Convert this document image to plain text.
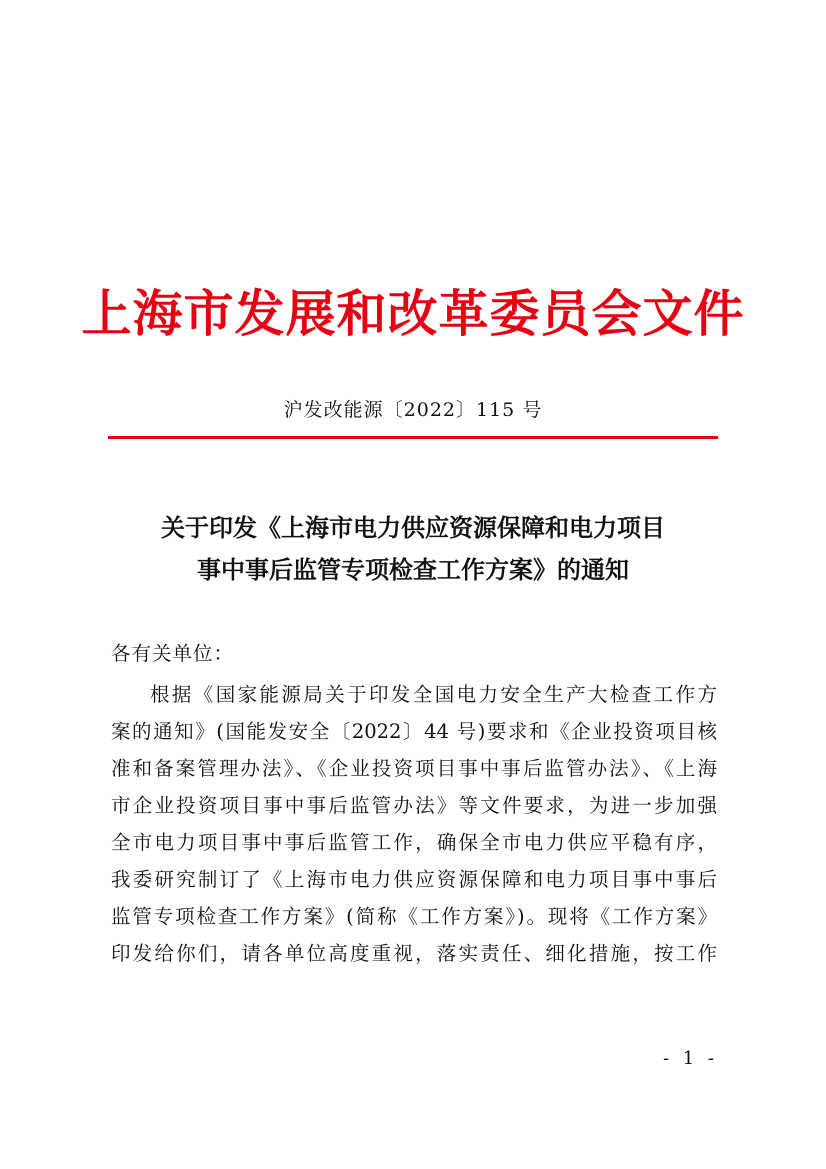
上海市发展和改革委员会文件
沪发改能源〔2022〕115 号
关于印发《上海市电力供应资源保障和电力项目
事中事后监管专项检查工作方案》的通知
各有关单位：
根据《国家能源局关于印发全国电力安全生产大检查工作方
案的通知》(国能发安全〔2022〕44 号)要求和《企业投资项目核
准和备案管理办法》、《企业投资项目事中事后监管办法》、《上海
市企业投资项目事中事后监管办法》等文件要求，为进一步加强
全市电力项目事中事后监管工作，确保全市电力供应平稳有序，
我委研究制订了《上海市电力供应资源保障和电力项目事中事后
监管专项检查工作方案》(简称《工作方案》)。现将《工作方案》
印发给你们，请各单位高度重视，落实责任、细化措施，按工作
- 1 -
